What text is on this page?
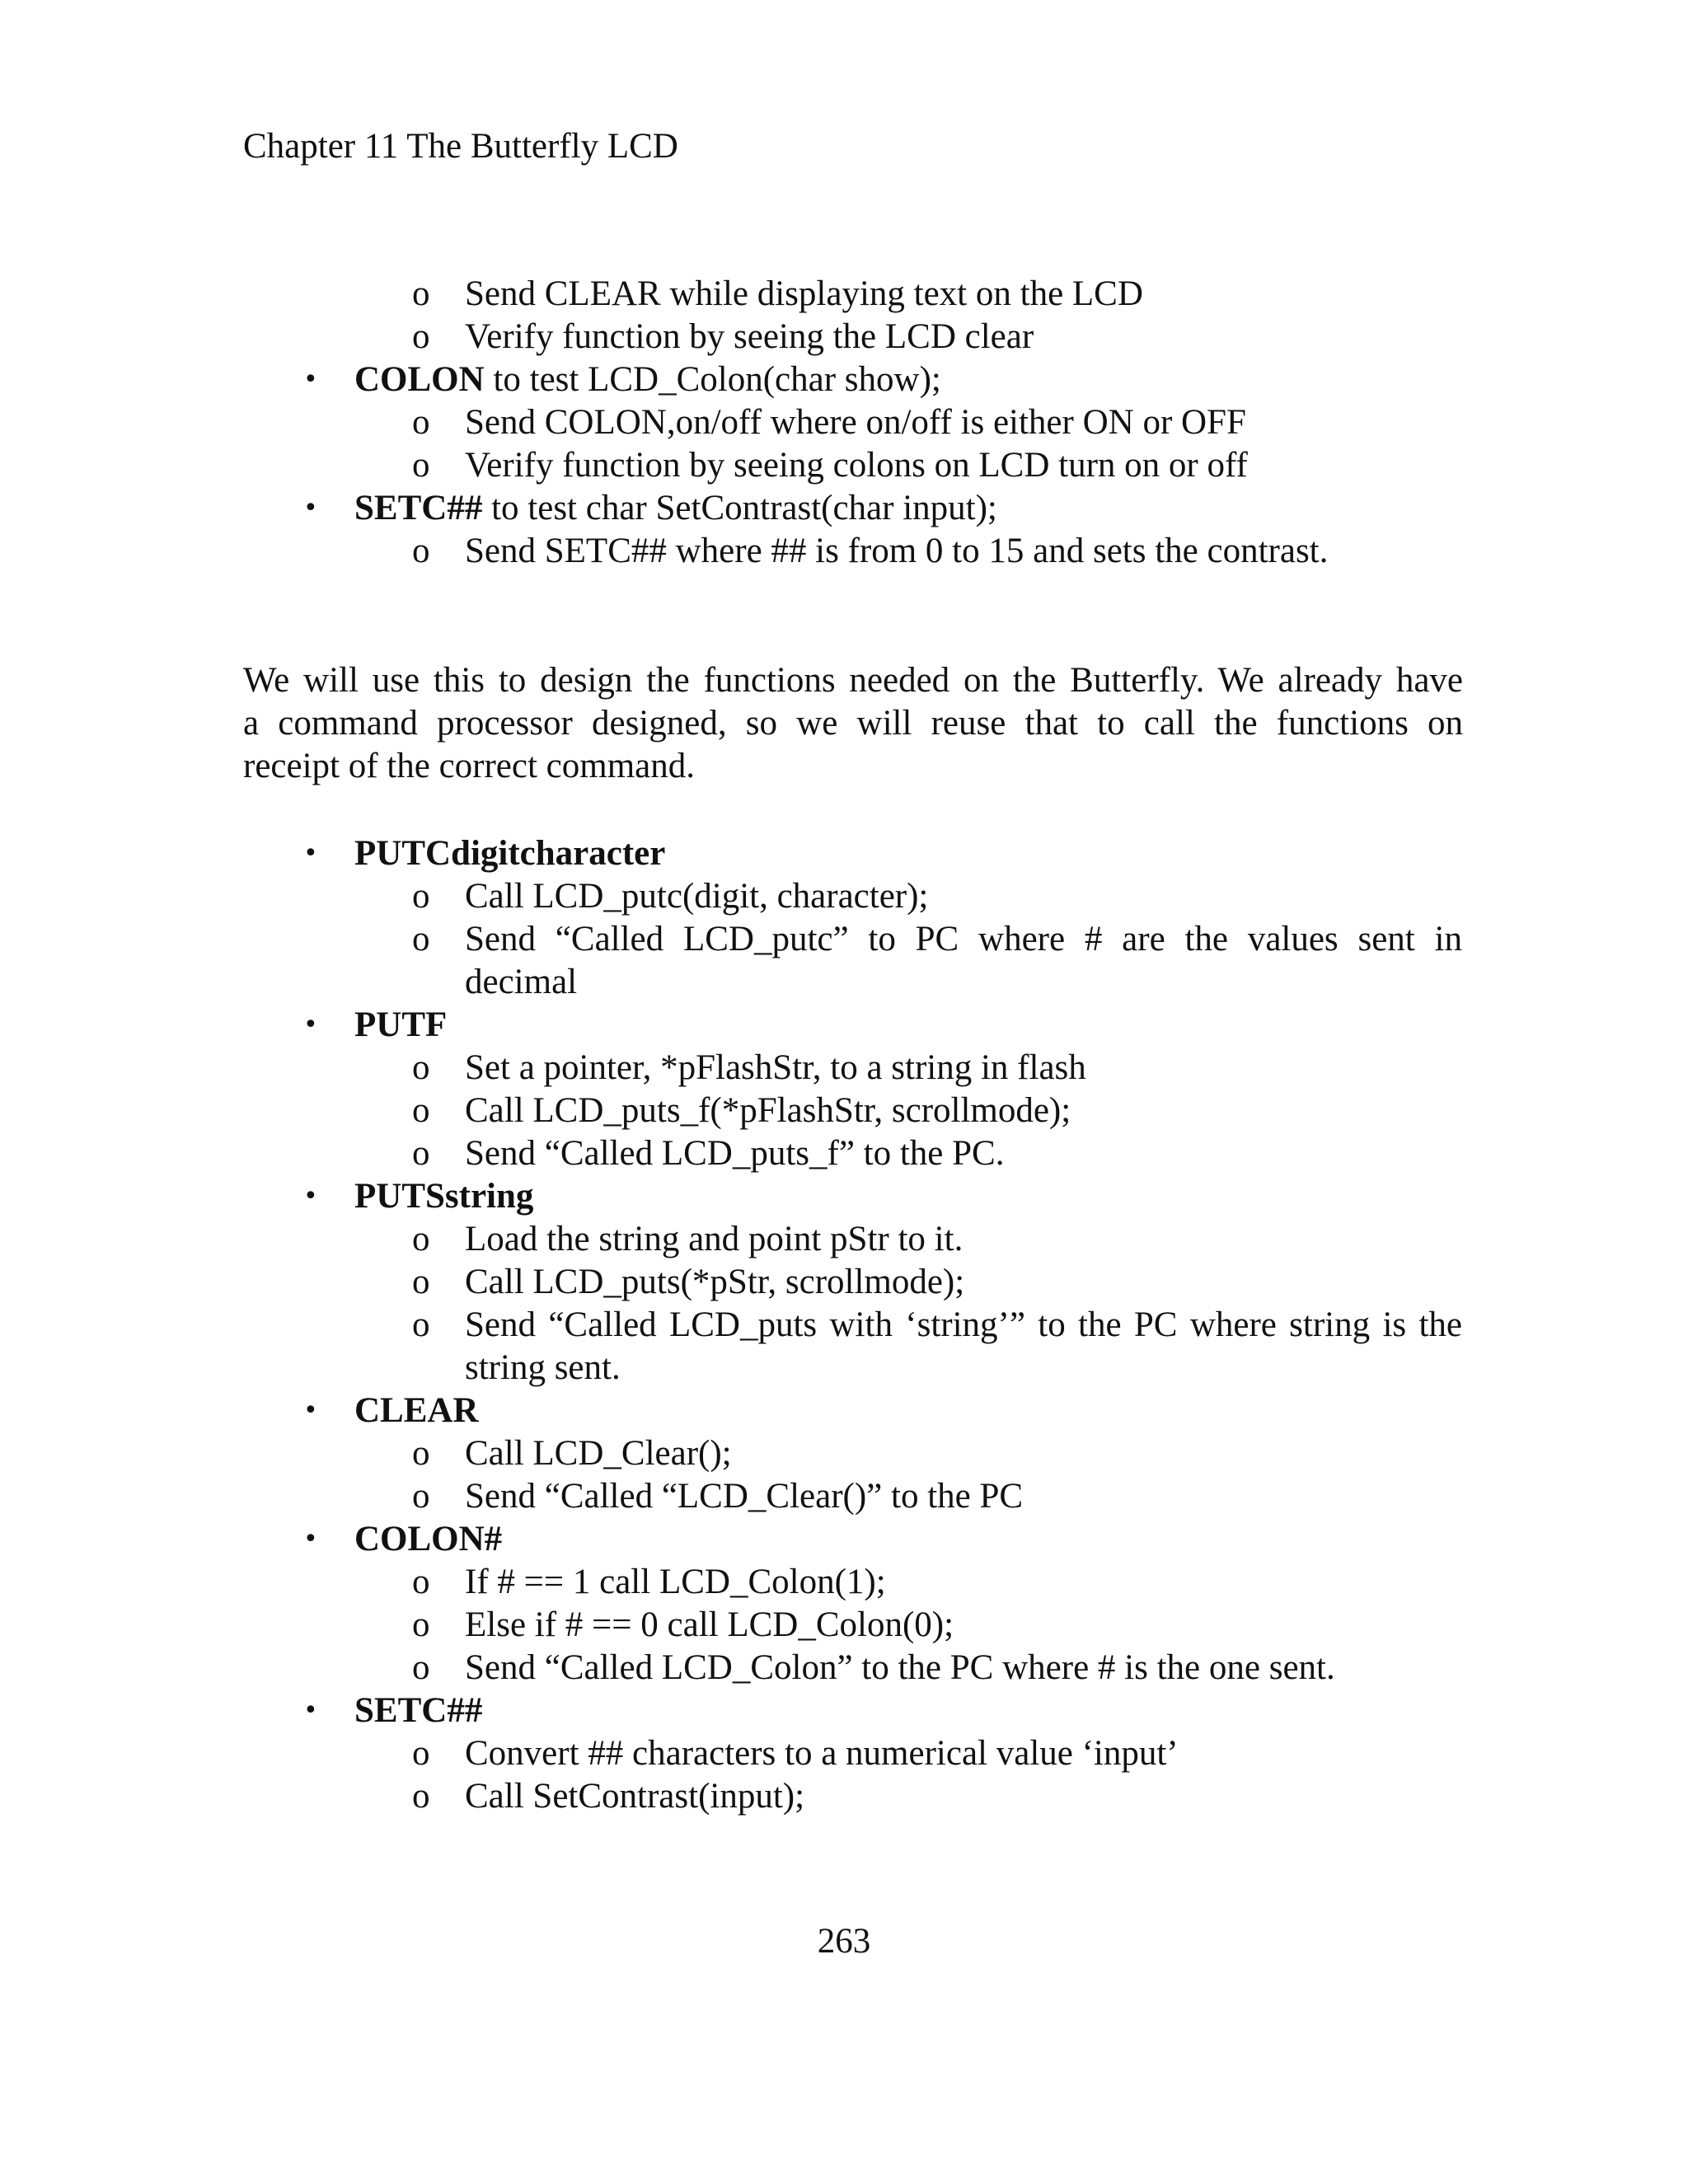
Chapter 11 The Butterfly LCD
o Send CLEAR while displaying text on the LCD
o Verify function by seeing the LCD clear
• COLON to test LCD_Colon(char show);
o Send COLON,on/off where on/off is either ON or OFF
o Verify function by seeing colons on LCD turn on or off
• SETC## to test char SetContrast(char input);
o Send SETC## where ## is from 0 to 15 and sets the contrast.
We will use this to design the functions needed on the Butterfly. We already have
a command processor designed, so we will reuse that to call the functions on
receipt of the correct command.
• PUTCdigitcharacter
o Call LCD_putc(digit, character);
o Send “Called LCD_putc” to PC where # are the values sent in
decimal
• PUTF
o Set a pointer, *pFlashStr, to a string in flash
o Call LCD_puts_f(*pFlashStr, scrollmode);
o Send “Called LCD_puts_f” to the PC.
• PUTSstring
o Load the string and point pStr to it.
o Call LCD_puts(*pStr, scrollmode);
o Send “Called LCD_puts with ‘string’” to the PC where string is the
string sent.
• CLEAR
o Call LCD_Clear();
o Send “Called “LCD_Clear()” to the PC
• COLON#
o If # == 1 call LCD_Colon(1);
o Else if # == 0 call LCD_Colon(0);
o Send “Called LCD_Colon” to the PC where # is the one sent.
• SETC##
o Convert ## characters to a numerical value ‘input’
o Call SetContrast(input);
263
